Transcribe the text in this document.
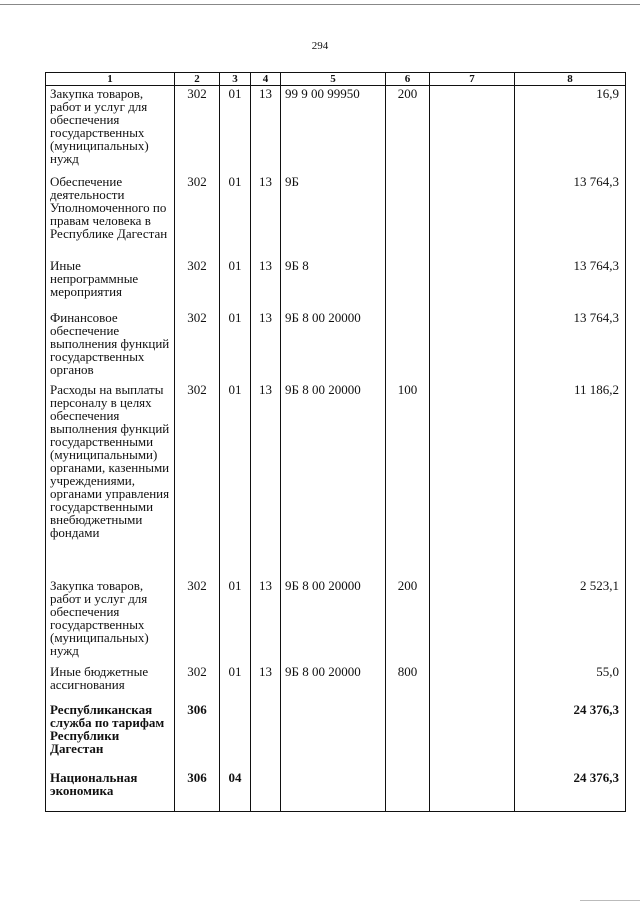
294
1	2	3	4	5	6	7	8
Закупка товаров, работ и услуг для обеспечения государственных (муниципальных) нужд	302	01	13	99 9 00 99950	200		16,9
Обеспечение деятельности Уполномоченного по правам человека в Республике Дагестан	302	01	13	9Б			13 764,3
Иные непрограммные мероприятия	302	01	13	9Б 8			13 764,3
Финансовое обеспечение выполнения функций государственных органов	302	01	13	9Б 8 00 20000			13 764,3
Расходы на выплаты персоналу в целях обеспечения выполнения функций государственными (муниципальными) органами, казенными учреждениями, органами управления государственными внебюджетными фондами	302	01	13	9Б 8 00 20000	100		11 186,2
Закупка товаров, работ и услуг для обеспечения государственных (муниципальных) нужд	302	01	13	9Б 8 00 20000	200		2 523,1
Иные бюджетные ассигнования	302	01	13	9Б 8 00 20000	800		55,0
Республиканская служба по тарифам Республики Дагестан	306						24 376,3
Национальная экономика	306	04					24 376,3
